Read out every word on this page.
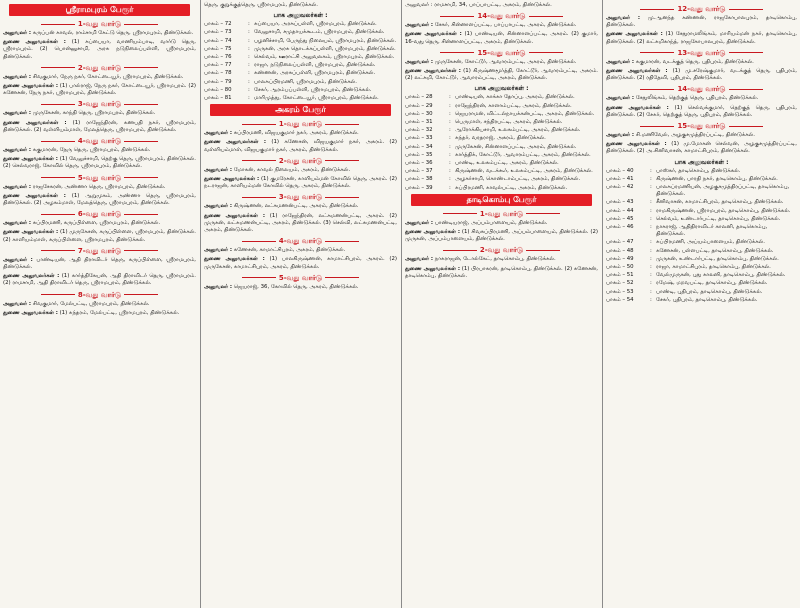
ஸ்ரீராமபுரம் பேரூர்
1-வது வார்டு
அலுவலர் : கருப்பன் காவல், ராம்சாமி கேட்டு தெரு, ஸ்ரீராமபுரம், திண்டுக்கல்.
துணை அலுவலர்கள் : (1) சுப்பையா, வாணியம்பாடி, வார்டு தெரு, ஸ்ரீராமபுரம். (2) பொன்னுசாமி, அரசு நடுநிலைப்பள்ளி, ஸ்ரீராமபுரம், திண்டுக்கல்.
2-வது வார்டு
அலுவலர் : சிவகுமார், நேரு நகர், கோட்டையூர், ஸ்ரீராமபுரம், திண்டுக்கல்.
துணை அலுவலர்கள் : (1) பால்ராஜ், நேரு நகர், கோட்டையூர், ஸ்ரீராமபுரம். (2) கணேசன், நேரு நகர், ஸ்ரீராமபுரம், திண்டுக்கல்.
3-வது வார்டு
அலுவலர் : முருகேசன், காந்தி தெரு, ஸ்ரீராமபுரம், திண்டுக்கல்.
துணை அலுவலர்கள் : (1) ராஜேந்திரன், கணபதி நகர், ஸ்ரீராமபுரம், திண்டுக்கல். (2) வள்ளியம்மாள், மேலத்தெரு, ஸ்ரீராமபுரம், திண்டுக்கல்.
4-வது வார்டு
அலுவலர் : சுகுமாரன், நேரு தெரு, ஸ்ரீராமபுரம், திண்டுக்கல்.
துணை அலுவலர்கள் : (1) வேலுச்சாமி, தெற்கு தெரு, ஸ்ரீராமபுரம், திண்டுக்கல். (2) செல்வராஜ், கோவில் தெரு, ஸ்ரீராமபுரம், திண்டுக்கல்.
5-வது வார்டு
அலுவலர் : ராஜசேகரன், அண்ணா தெரு, ஸ்ரீராமபுரம், திண்டுக்கல்.
துணை அலுவலர்கள் : (1) ஆறுமுகம், அண்ணா தெரு, ஸ்ரீராமபுரம், திண்டுக்கல். (2) அழகம்மாள், மேலத்தெரு, ஸ்ரீராமபுரம், திண்டுக்கல்.
6-வது வார்டு
அலுவலர் : சுப்பிரமணி, கருப்பிள்ளை, ஸ்ரீராமபுரம், திண்டுக்கல்.
துணை அலுவலர்கள் : (1) முருகேசன், கருப்பிள்ளை, ஸ்ரீராமபுரம், திண்டுக்கல். (2) காளியம்மாள், கருப்பிள்ளை, ஸ்ரீராமபுரம், திண்டுக்கல்.
7-வது வார்டு
அலுவலர் : பாண்டியன், ஆதி திராவிடர் தெரு, கருப்பிள்ளை, ஸ்ரீராமபுரம், திண்டுக்கல்.
துணை அலுவலர்கள் : (1) கார்த்திகேயன், ஆதி திராவிடர் தெரு, ஸ்ரீராமபுரம். (2) ராமசாமி, ஆதி திராவிடர் தெரு, ஸ்ரீராமபுரம், திண்டுக்கல்.
8-வது வார்டு
அலுவலர் : சிவகுமார், மேல்பட்டி, ஸ்ரீராமபுரம், திண்டுக்கல்.
துணை அலுவலர்கள் : (1) சுந்தரம், மேல்பட்டி, ஸ்ரீராமபுரம், திண்டுக்கல்.
தெரு, குறுக்குத்தெரு, ஸ்ரீராமபுரம், திண்டுக்கல்.
பாக அலுவலர்கள் :
பாகம் – 72	: சுப்பையா, அரசுப்பள்ளி, ஸ்ரீராமபுரம், திண்டுக்கல்.
பாகம் – 73	: வேலுசாமி, சமுதாயக்கூடம், ஸ்ரீராமபுரம், திண்டுக்கல்.
பாகம் – 74	: பழனிச்சாமி, பேருந்து நிலையம், ஸ்ரீராமபுரம், திண்டுக்கல்.
பாகம் – 75	: முருகன், அரசு தொடக்கப்பள்ளி, ஸ்ரீராமபுரம், திண்டுக்கல்.
பாகம் – 76	: செல்வம், ஊராட்சி அலுவலகம், ஸ்ரீராமபுரம், திண்டுக்கல்.
பாகம் – 77	: ராஜா, நடுநிலைப்பள்ளி, ஸ்ரீராமபுரம், திண்டுக்கல்.
பாகம் – 78	: கண்ணன், அரசுப்பள்ளி, ஸ்ரீராமபுரம், திண்டுக்கல்.
பாகம் – 79	: பாலசுப்பிரமணி, ஸ்ரீராமபுரம், திண்டுக்கல்.
பாகம் – 80	: சேகர், ஆரம்பப்பள்ளி, ஸ்ரீராமபுரம், திண்டுக்கல்.
பாகம் – 81	: மாரிமுத்து, கோட்டையூர், ஸ்ரீராமபுரம், திண்டுக்கல்.
அகரம் பேரூர்
1-வது வார்டு
அலுவலர் : சுப்பிரமணி, விஜயகுமார் நகர், அகரம், திண்டுக்கல்.
துணை அலுவலர்கள் : (1) கணேசன், விஜயகுமார் நகர், அகரம். (2) வள்ளியம்மாள், விஜயகுமார் நகர், அகரம், திண்டுக்கல்.
2-வது வார்டு
அலுவலர் : மோகன், காவல் நிலையம், அகரம், திண்டுக்கல்.
துணை அலுவலர்கள் : (1) குமரேசன், காளியம்மன் கோவில் தெரு, அகரம். (2) நடராஜன், காளியம்மன் கோவில் தெரு, அகரம், திண்டுக்கல்.
3-வது வார்டு
அலுவலர் : கிருஷ்ணன், லட்சுமணன்பட்டி, அகரம், திண்டுக்கல்.
துணை அலுவலர்கள் : (1) ராஜேந்திரன், லட்சுமணன்பட்டி, அகரம். (2) முருகன், லட்சுமணன்பட்டி, அகரம், திண்டுக்கல். (3) செல்வி, லட்சுமணன்பட்டி, அகரம், திண்டுக்கல்.
4-வது வார்டு
அலுவலர் : கணேசன், காமாட்சிபுரம், அகரம், திண்டுக்கல்.
துணை அலுவலர்கள் : (1) பாலகிருஷ்ணன், காமாட்சிபுரம், அகரம். (2) முருகேசன், காமாட்சிபுரம், அகரம், திண்டுக்கல்.
5-வது வார்டு
அலுவலர் : ஜெயராஜ், 36, கோவில் தெரு, அகரம், திண்டுக்கல்.
அலுவலர் : ராமசாமி, 34, பாப்பாபட்டி, அகரம், திண்டுக்கல்.
14-வது வார்டு
அலுவலர் : சேகர், சின்னாளப்பட்டி, பாப்பாபட்டி, அகரம், திண்டுக்கல்.
துணை அலுவலர்கள் : (1) பாண்டியன், சின்னாளப்பட்டி, அகரம். (2) குமார், 16-வது தெரு, சின்னாளப்பட்டி, அகரம், திண்டுக்கல்.
15-வது வார்டு
அலுவலர் : முருகேசன், கோட்டூர், ஆவாரம்பட்டி, அகரம், திண்டுக்கல்.
துணை அலுவலர்கள் : (1) கிருஷ்ணமூர்த்தி, கோட்டூர், ஆவாரம்பட்டி, அகரம். (2) லட்சுமி, கோட்டூர், ஆவாரம்பட்டி, அகரம், திண்டுக்கல்.
பாக அலுவலர்கள் :
பாகம் – 28	: பாண்டியன், காக்கா தோப்பு, அகரம், திண்டுக்கல்.
பாகம் – 29	: ராஜேந்திரன், காளாம்பட்டி, அகரம், திண்டுக்கல்.
பாகம் – 30	: ஜெயராமன், விட்டல்நாயக்கன்பட்டி, அகரம், திண்டுக்கல்.
பாகம் – 31	: பெருமாள், சந்திரபட்டி, அகரம், திண்டுக்கல்.
பாகம் – 32	: ஆரோக்கியசாமி, உலகம்பட்டி, அகரம், திண்டுக்கல்.
பாகம் – 33	: சுந்தர், வரதராஜ், அகரம், திண்டுக்கல்.
பாகம் – 34	: முருகேசன், சின்னாளப்பட்டி, அகரம், திண்டுக்கல்.
பாகம் – 35	: கார்த்திக், கோட்டூர், ஆவாரம்பட்டி, அகரம், திண்டுக்கல்.
பாகம் – 36	: பாண்டி, உலகம்பட்டி, அகரம், திண்டுக்கல்.
பாகம் – 37	: கிருஷ்ணன், வடக்கூர், உலகம்பட்டி, அகரம், திண்டுக்கல்.
பாகம் – 38	: அழகர்சாமி, கொண்டாம்பட்டி, அகரம், திண்டுக்கல்.
பாகம் – 39	: சுப்பிரமணி, காவல்பட்டி, அகரம், திண்டுக்கல்.
தாடிகொம்பு பேரூர்
1-வது வார்டு
அலுவலர் : பாண்டியராஜ், அப்பம்பாளையம், திண்டுக்கல்.
துணை அலுவலர்கள் : (1) சிவசுப்பிரமணி, அப்பம்பாளையம், திண்டுக்கல். (2) முருகன், அப்பம்பாளையம், திண்டுக்கல்.
2-வது வார்டு
அலுவலர் : நாகராஜன், டோல்கேட், தாடிகொம்பு, திண்டுக்கல்.
துணை அலுவலர்கள் : (1) பிரபாகரன், தாடிகொம்பு, திண்டுக்கல். (2) கணேசன், தாடிகொம்பு, திண்டுக்கல்.
12-வது வார்டு
அலுவலர் : மு.ஆனந்த கண்ணன், ராஜகோபாலபுரம், தாடிகொம்பு, திண்டுக்கல்.
துணை அலுவலர்கள் : (1) சேதுராமலிங்கம், மாரியம்மன் நகர், தாடிகொம்பு, திண்டுக்கல். (2) லட்சுமிகாந்த், ராஜகோபாலபுரம், திண்டுக்கல்.
13-வது வார்டு
அலுவலர் : சுகுமாரன், வடக்குத் தெரு, புதிபுரம், திண்டுக்கல்.
துணை அலுவலர்கள் : (1) மு.சரேஷ்குமார், வடக்குத் தெரு, புதிபுரம், திண்டுக்கல். (2) ரதிதேவி, புதிபுரம், திண்டுக்கல்.
14-வது வார்டு
அலுவலர் : சேதுலிங்கம், தெற்குத் தெரு, புதிபுரம், திண்டுக்கல்.
துணை அலுவலர்கள் : (1) செல்வக்குமார், தெற்குத் தெரு, புதிபுரம், திண்டுக்கல். (2) சேகர், தெற்குத் தெரு, புதிபுரம், திண்டுக்கல்.
15-வது வார்டு
அலுவலர் : சி.மணிவேல், அழகுசமுத்திரப்பட்டி, திண்டுக்கல்.
துணை அலுவலர்கள் : (1) மு.மோகன் செல்வன், அழகுசமுத்திரப்பட்டி, திண்டுக்கல். (2) அ.சினிவாசன், காமாட்சிபுரம், திண்டுக்கல்.
பாக அலுவலர்கள் :
பாகம் – 40	: பாஸ்கர், தாடிகொம்பு, திண்டுக்கல்.
பாகம் – 41	: கிருஷ்ணன், பாரதி நகர், தாடிகொம்பு, திண்டுக்கல்.
பாகம் – 42	: பாலசுப்ரமணியன், அழகுசமுத்திரப்பட்டி, தாடிகொம்பு, திண்டுக்கல்.
பாகம் – 43	: சீனிவாசன், காமாட்சிபுரம், தாடிகொம்பு, திண்டுக்கல்.
பாகம் – 44	: ராமகிருஷ்ணன், ஸ்ரீராமபுரம், தாடிகொம்பு, திண்டுக்கல்.
பாகம் – 45	: செல்வம், உண்டார்பட்டி, தாடிகொம்பு, திண்டுக்கல்.
பாகம் – 46	: நாகராஜ், ஆதிதிராவிடர் காலனி, தாடிகொம்பு, திண்டுக்கல்.
பாகம் – 47	: சுப்பிரமணி, அய்யம்பாளையம், திண்டுக்கல்.
பாகம் – 48	: கணேசன், பள்ளபட்டி, தாடிகொம்பு, திண்டுக்கல்.
பாகம் – 49	: முருகன், உண்டார்பட்டி, தாடிகொம்பு, திண்டுக்கல்.
பாகம் – 50	: ராஜா, காமாட்சிபுரம், தாடிகொம்பு, திண்டுக்கல்.
பாகம் – 51	: வேல்முருகன், புது காலனி, தாடிகொம்பு, திண்டுக்கல்.
பாகம் – 52	: ரமேஷ், மறவபட்டி, தாடிகொம்பு, திண்டுக்கல்.
பாகம் – 53	: பாண்டி, புதிபுரம், தாடிகொம்பு, திண்டுக்கல்.
பாகம் – 54	: சேகர், புதிபுரம், தாடிகொம்பு, திண்டுக்கல்.
